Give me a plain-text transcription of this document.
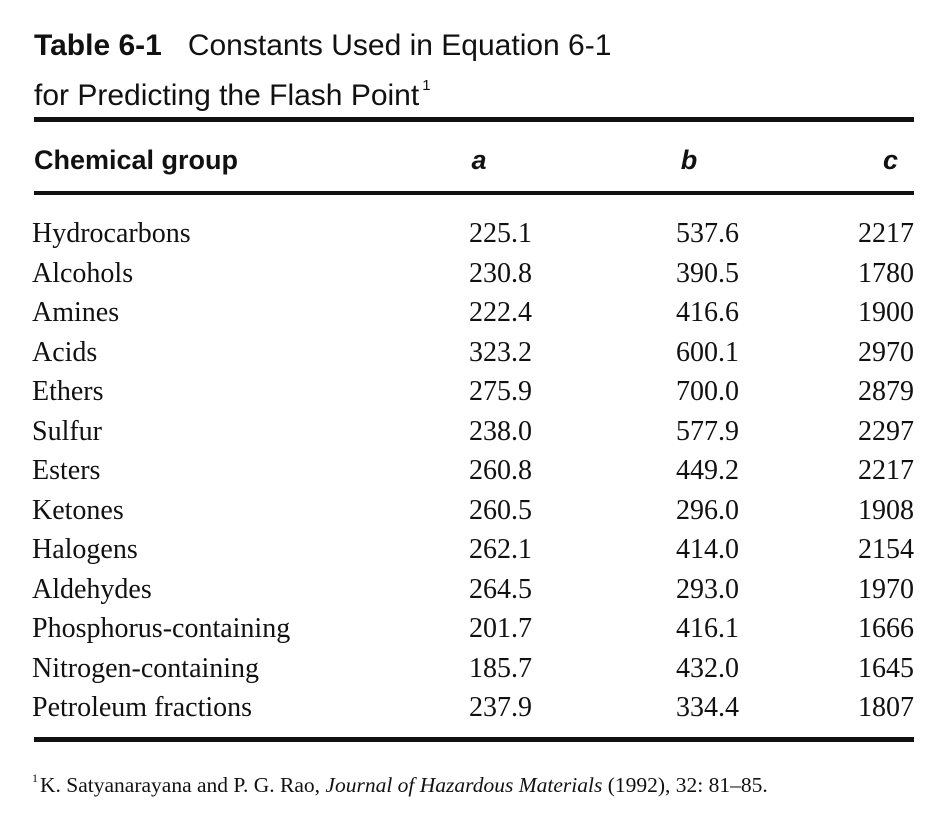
Table 6-1 Constants Used in Equation 6-1
for Predicting the Flash Point $^1$
Chemical group	a	b	c
Hydrocarbons	225.1	537.6	2217
Alcohols	230.8	390.5	1780
Amines	222.4	416.6	1900
Acids	323.2	600.1	2970
Ethers	275.9	700.0	2879
Sulfur	238.0	577.9	2297
Esters	260.8	449.2	2217
Ketones	260.5	296.0	1908
Halogens	262.1	414.0	2154
Aldehydes	264.5	293.0	1970
Phosphorus-containing	201.7	416.1	1666
Nitrogen-containing	185.7	432.0	1645
Petroleum fractions	237.9	334.4	1807
$^1$K. Satyanarayana and P. G. Rao, Journal of Hazardous Materials (1992), 32: 81–85.
